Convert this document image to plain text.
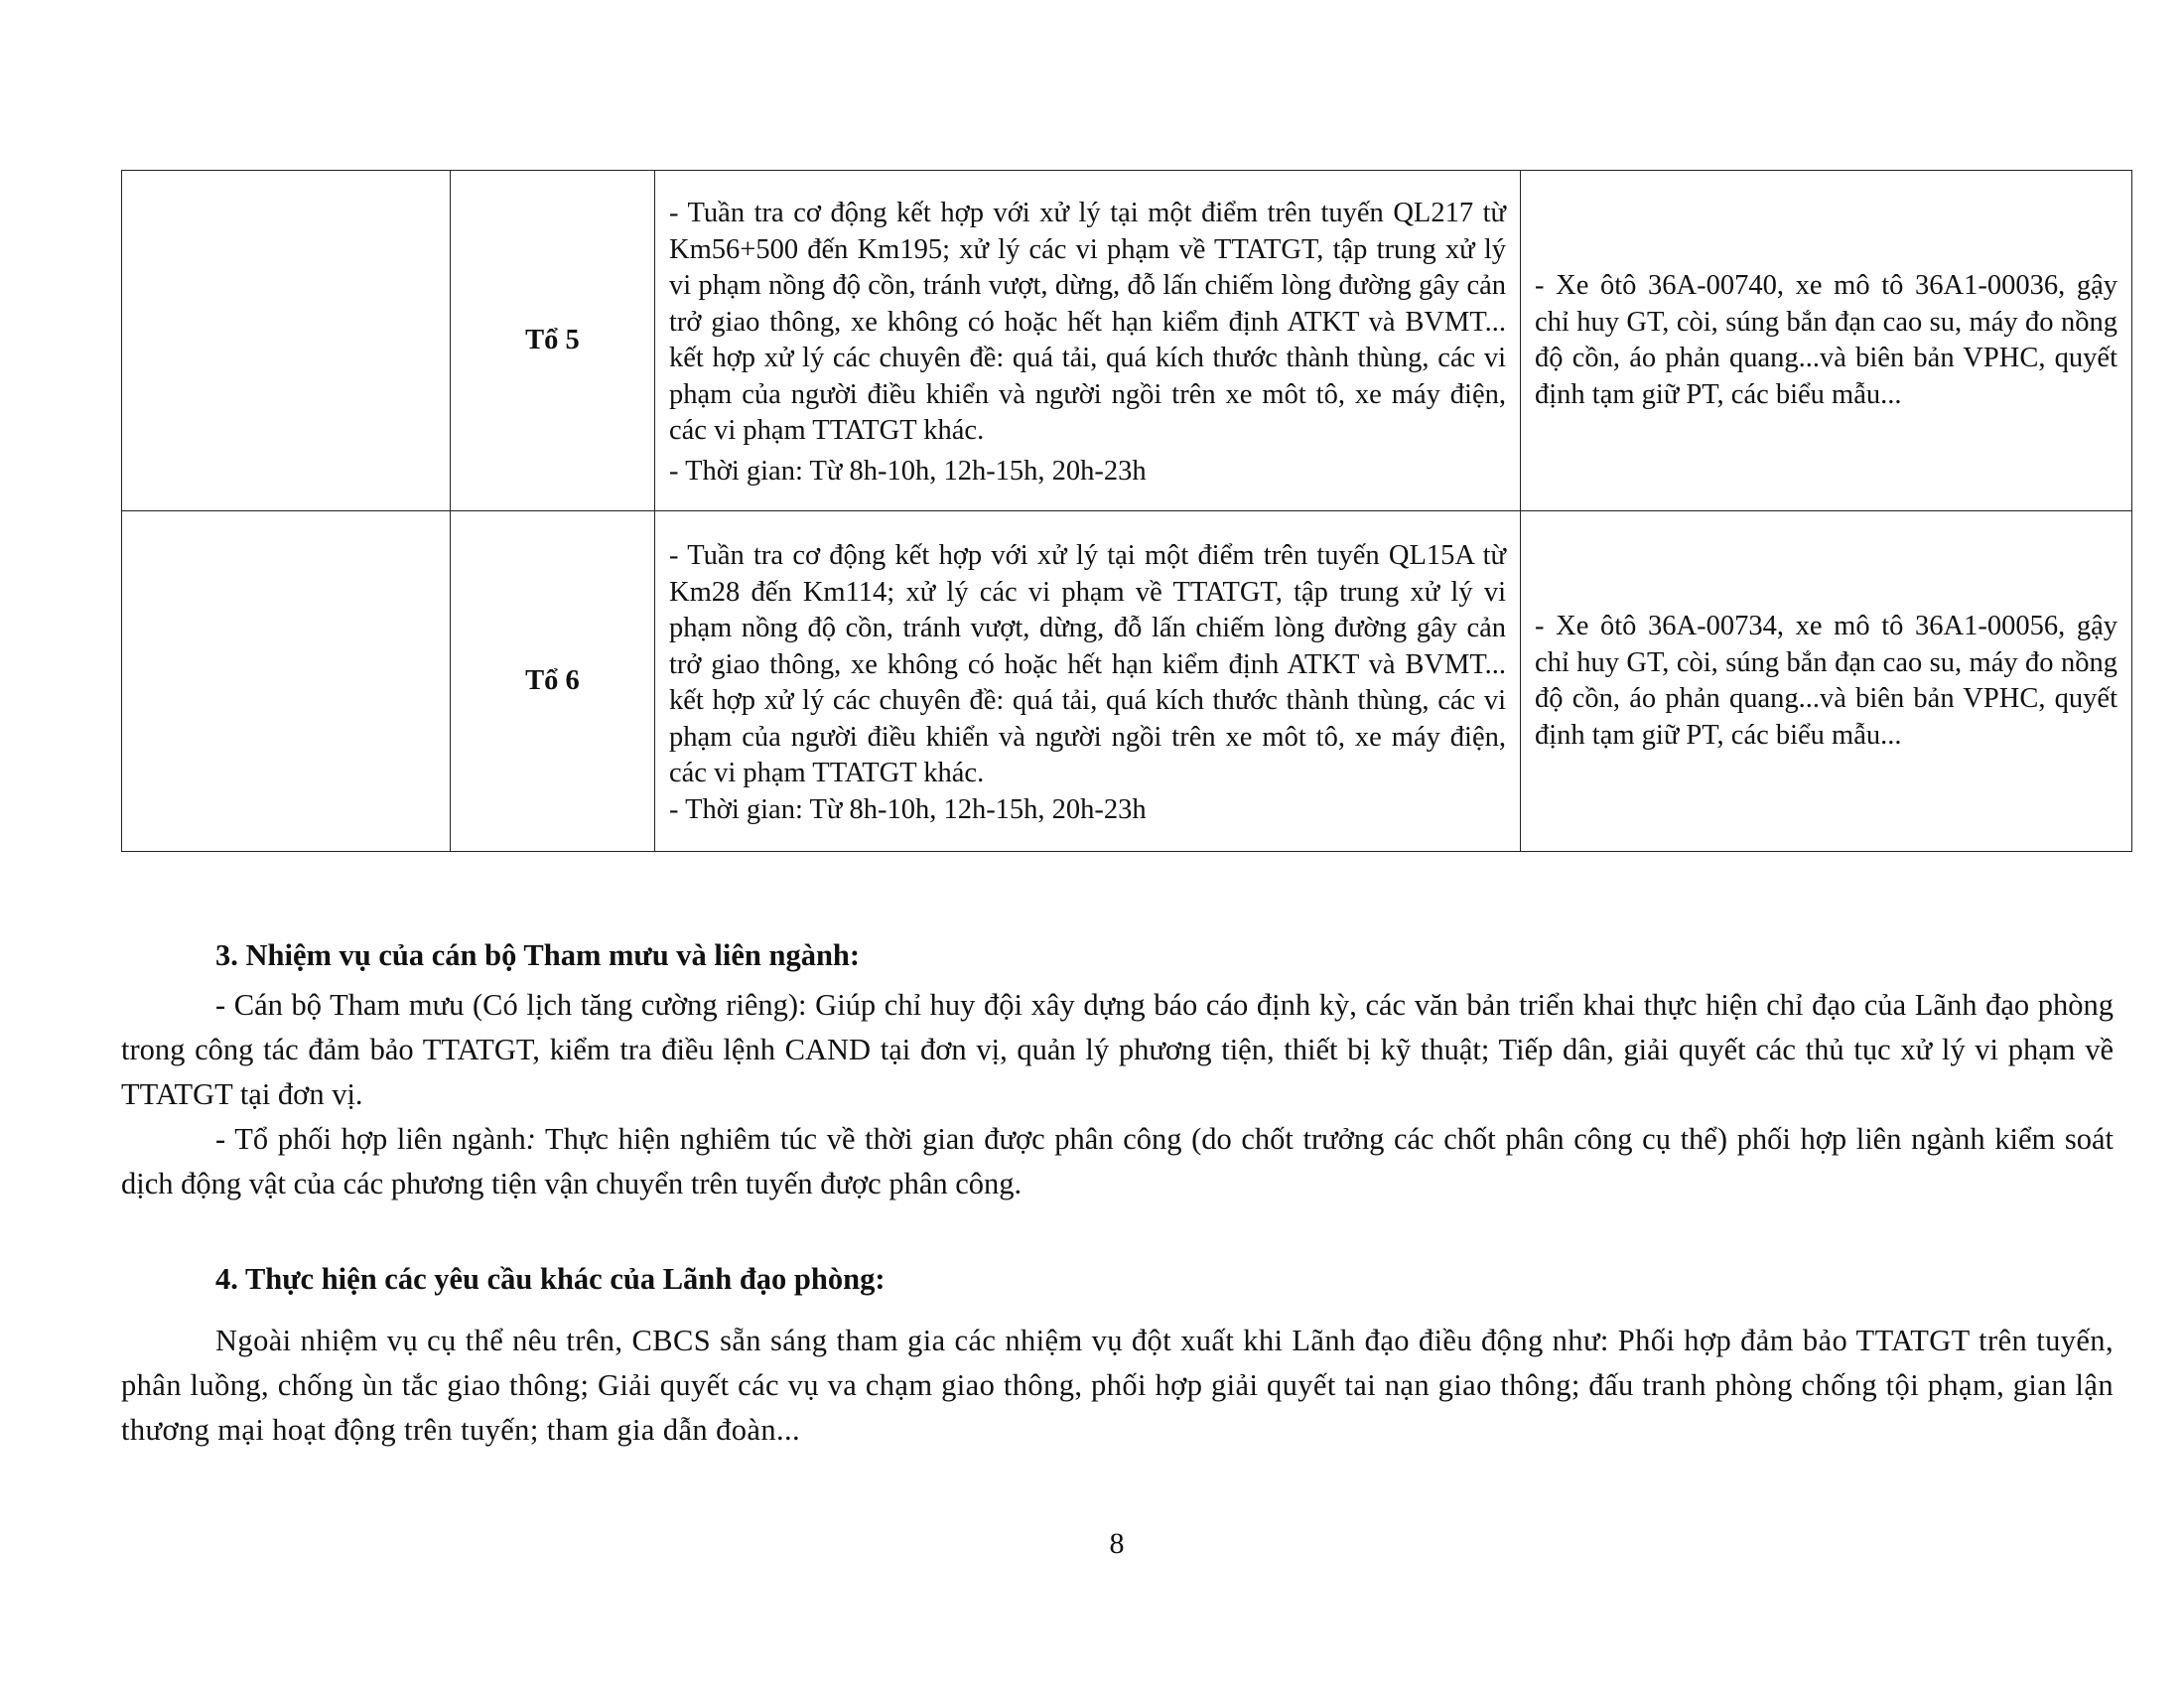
	Tổ 5	- Tuần tra cơ động kết hợp với xử lý tại một điểm trên tuyến QL217 từ Km56+500 đến Km195; xử lý các vi phạm về TTATGT, tập trung xử lý vi phạm nồng độ cồn, tránh vượt, dừng, đỗ lấn chiếm lòng đường gây cản trở giao thông, xe không có hoặc hết hạn kiểm định ATKT và BVMT... kết hợp xử lý các chuyên đề: quá tải, quá kích thước thành thùng, các vi phạm của người điều khiển và người ngồi trên xe môt tô, xe máy điện, các vi phạm TTATGT khác.

- Thời gian: Từ 8h-10h, 12h-15h, 20h-23h	- Xe ôtô 36A-00740, xe mô tô 36A1-00036, gậy chỉ huy GT, còi, súng bắn đạn cao su, máy đo nồng độ cồn, áo phản quang...và biên bản VPHC, quyết định tạm giữ PT, các biểu mẫu...
	Tổ 6	- Tuần tra cơ động kết hợp với xử lý tại một điểm trên tuyến QL15A từ Km28 đến Km114; xử lý các vi phạm về TTATGT, tập trung xử lý vi phạm nồng độ cồn, tránh vượt, dừng, đỗ lấn chiếm lòng đường gây cản trở giao thông, xe không có hoặc hết hạn kiểm định ATKT và BVMT... kết hợp xử lý các chuyên đề: quá tải, quá kích thước thành thùng, các vi phạm của người điều khiển và người ngồi trên xe môt tô, xe máy điện, các vi phạm TTATGT khác.

- Thời gian: Từ 8h-10h, 12h-15h, 20h-23h	- Xe ôtô 36A-00734, xe mô tô 36A1-00056, gậy chỉ huy GT, còi, súng bắn đạn cao su, máy đo nồng độ cồn, áo phản quang...và biên bản VPHC, quyết định tạm giữ PT, các biểu mẫu...
3. Nhiệm vụ của cán bộ Tham mưu và liên ngành:

- Cán bộ Tham mưu (Có lịch tăng cường riêng): Giúp chỉ huy đội xây dựng báo cáo định kỳ, các văn bản triển khai thực hiện chỉ đạo của Lãnh đạo phòng trong công tác đảm bảo TTATGT, kiểm tra điều lệnh CAND tại đơn vị, quản lý phương tiện, thiết bị kỹ thuật; Tiếp dân, giải quyết các thủ tục xử lý vi phạm về TTATGT tại đơn vị.

- Tổ phối hợp liên ngành: Thực hiện nghiêm túc về thời gian được phân công (do chốt trưởng các chốt phân công cụ thể) phối hợp liên ngành kiểm soát dịch động vật của các phương tiện vận chuyển trên tuyến được phân công.

4. Thực hiện các yêu cầu khác của Lãnh đạo phòng:

Ngoài nhiệm vụ cụ thể nêu trên, CBCS sẵn sáng tham gia các nhiệm vụ đột xuất khi Lãnh đạo điều động như: Phối hợp đảm bảo TTATGT trên tuyến, phân luồng, chống ùn tắc giao thông; Giải quyết các vụ va chạm giao thông, phối hợp giải quyết tai nạn giao thông; đấu tranh phòng chống tội phạm, gian lận thương mại hoạt động trên tuyến; tham gia dẫn đoàn...

8
